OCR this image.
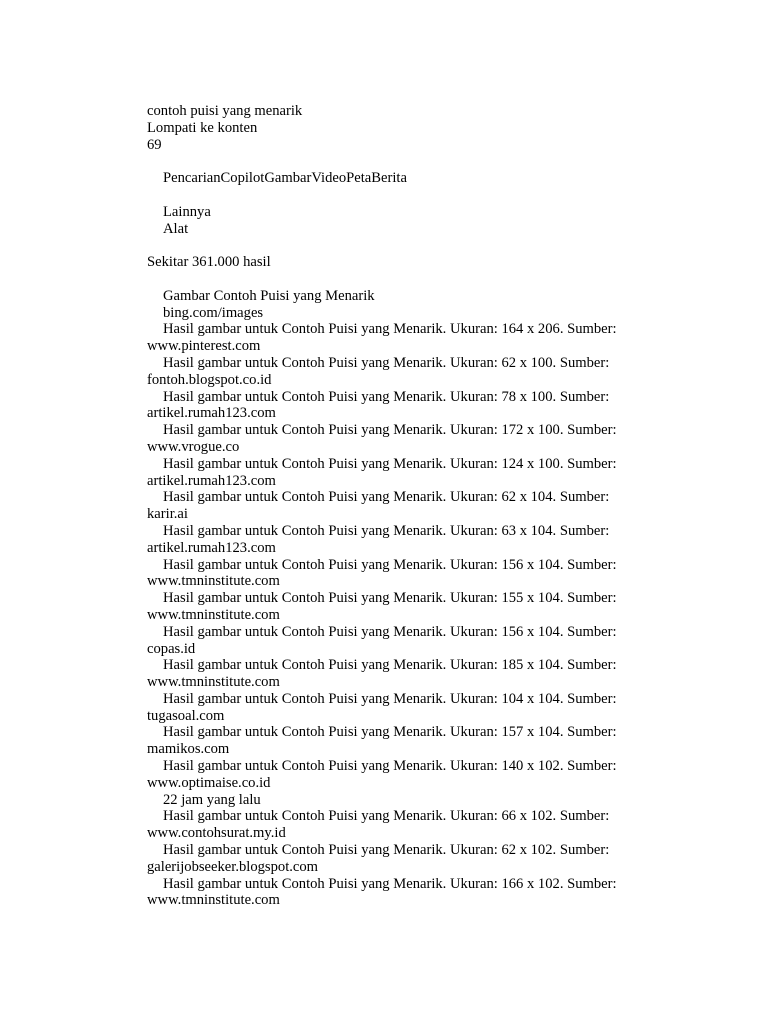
contoh puisi yang menarik
Lompati ke konten
69
PencarianCopilotGambarVideoPetaBerita
Lainnya
Alat
Sekitar 361.000 hasil
Gambar Contoh Puisi yang Menarik
bing.com/images
Hasil gambar untuk Contoh Puisi yang Menarik. Ukuran: 164 x 206. Sumber:
www.pinterest.com
Hasil gambar untuk Contoh Puisi yang Menarik. Ukuran: 62 x 100. Sumber:
fontoh.blogspot.co.id
Hasil gambar untuk Contoh Puisi yang Menarik. Ukuran: 78 x 100. Sumber:
artikel.rumah123.com
Hasil gambar untuk Contoh Puisi yang Menarik. Ukuran: 172 x 100. Sumber:
www.vrogue.co
Hasil gambar untuk Contoh Puisi yang Menarik. Ukuran: 124 x 100. Sumber:
artikel.rumah123.com
Hasil gambar untuk Contoh Puisi yang Menarik. Ukuran: 62 x 104. Sumber:
karir.ai
Hasil gambar untuk Contoh Puisi yang Menarik. Ukuran: 63 x 104. Sumber:
artikel.rumah123.com
Hasil gambar untuk Contoh Puisi yang Menarik. Ukuran: 156 x 104. Sumber:
www.tmninstitute.com
Hasil gambar untuk Contoh Puisi yang Menarik. Ukuran: 155 x 104. Sumber:
www.tmninstitute.com
Hasil gambar untuk Contoh Puisi yang Menarik. Ukuran: 156 x 104. Sumber:
copas.id
Hasil gambar untuk Contoh Puisi yang Menarik. Ukuran: 185 x 104. Sumber:
www.tmninstitute.com
Hasil gambar untuk Contoh Puisi yang Menarik. Ukuran: 104 x 104. Sumber:
tugasoal.com
Hasil gambar untuk Contoh Puisi yang Menarik. Ukuran: 157 x 104. Sumber:
mamikos.com
Hasil gambar untuk Contoh Puisi yang Menarik. Ukuran: 140 x 102. Sumber:
www.optimaise.co.id
22 jam yang lalu
Hasil gambar untuk Contoh Puisi yang Menarik. Ukuran: 66 x 102. Sumber:
www.contohsurat.my.id
Hasil gambar untuk Contoh Puisi yang Menarik. Ukuran: 62 x 102. Sumber:
galerijobseeker.blogspot.com
Hasil gambar untuk Contoh Puisi yang Menarik. Ukuran: 166 x 102. Sumber:
www.tmninstitute.com
